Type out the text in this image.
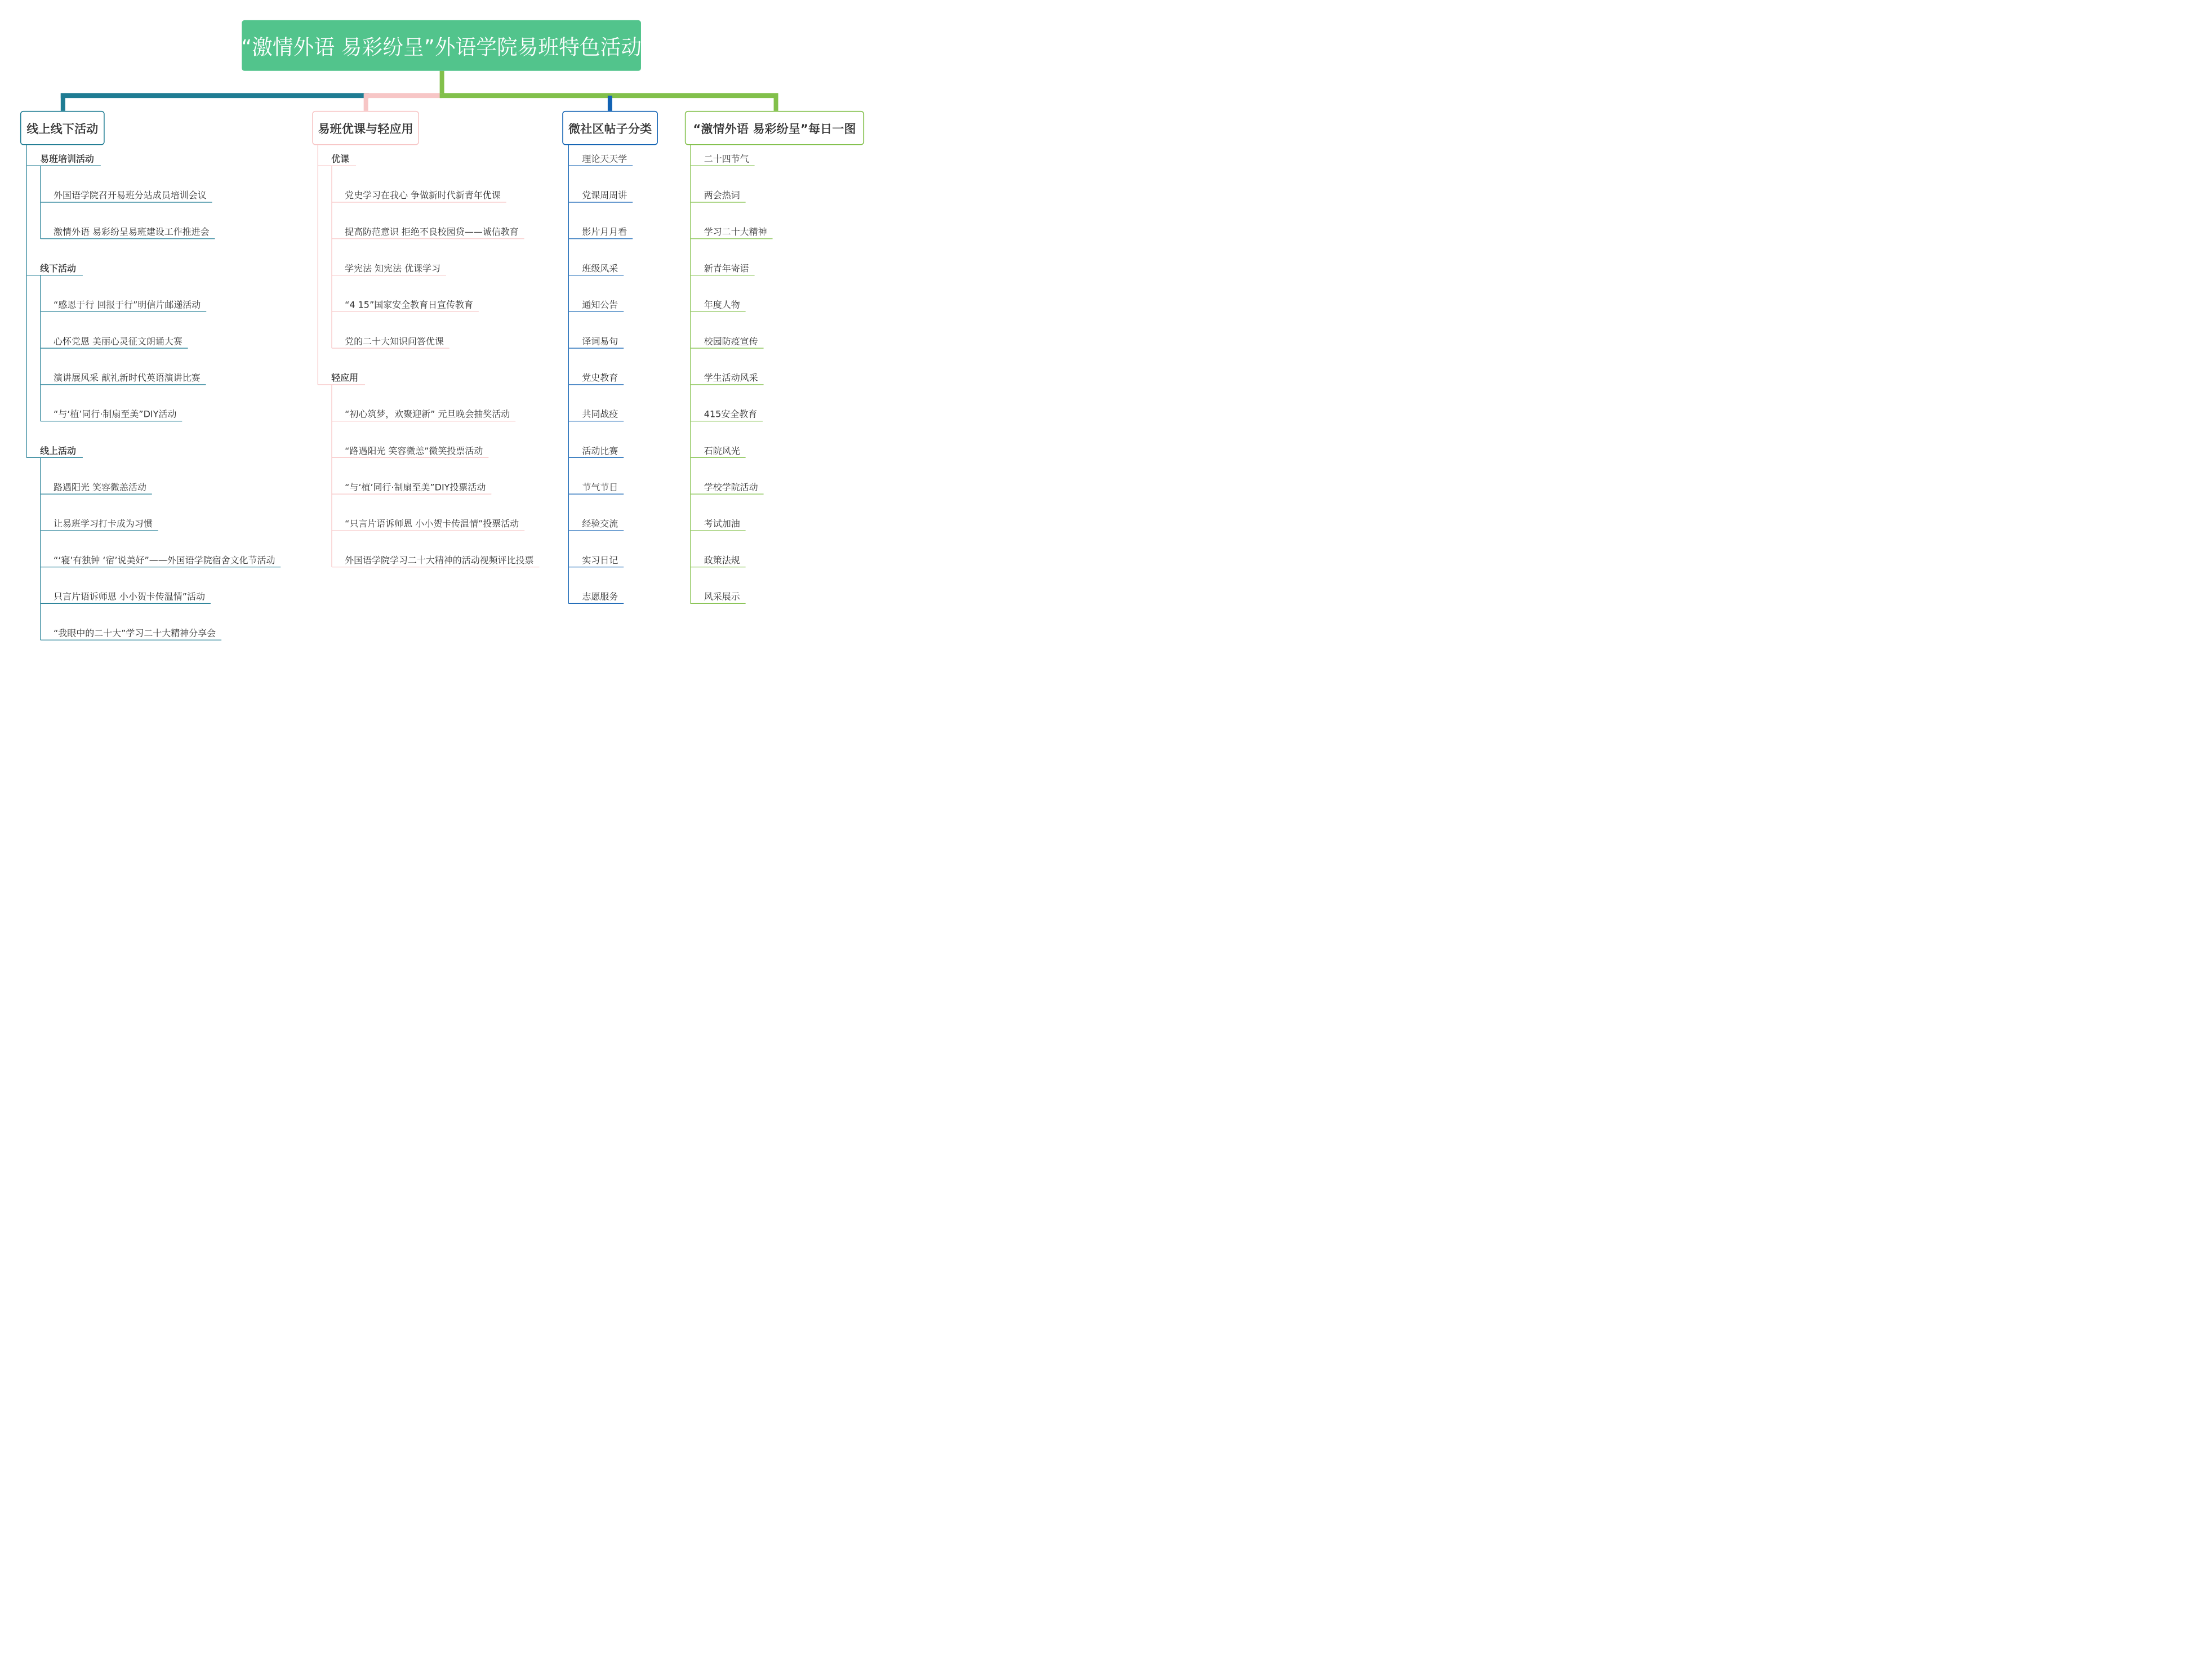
“激情外语 易彩纷呈”外语学院易班特色活动
线上线下活动	易班优课与轻应用	微社区帖子分类 “激情外语 易彩纷呈”每日一图
易班培训活动
外国语学院召开易班分站成员培训会议
激情外语 易彩纷呈易班建设工作推进会
线下活动
“感恩于行 回报于行”明信片邮递活动
心怀党恩 美丽心灵征文朗诵大赛
演讲展风采 献礼新时代英语演讲比赛
“与‘植’同行·制扇至美”DIY活动
线上活动
路遇阳光 笑容微恙活动
让易班学习打卡成为习惯
“‘寝’有独钟 ‘宿’说美好”——外国语学院宿舍文化节活动
只言片语诉师恩 小小贺卡传温情”活动
“我眼中的二十大”学习二十大精神分享会
优课
党史学习在我心 争做新时代新青年优课
提高防范意识 拒绝不良校园贷——诚信教育
学宪法 知宪法 优课学习
“4 15”国家安全教育日宣传教育
党的二十大知识问答优课
轻应用
“初心筑梦，欢聚迎新” 元旦晚会抽奖活动
“路遇阳光 笑容微恙”微笑投票活动
“与‘植’同行·制扇至美”DIY投票活动
“只言片语诉师恩 小小贺卡传温情”投票活动
外国语学院学习二十大精神的活动视频评比投票
理论天天学
党课周周讲
影片月月看
班级风采
通知公告
译词易句
党史教育
共同战疫
活动比赛
节气节日
经验交流
实习日记
志愿服务
二十四节气
两会热词
学习二十大精神
新青年寄语
年度人物
校园防疫宣传
学生活动风采
415安全教育
石院风光
学校学院活动
考试加油
政策法规
风采展示
